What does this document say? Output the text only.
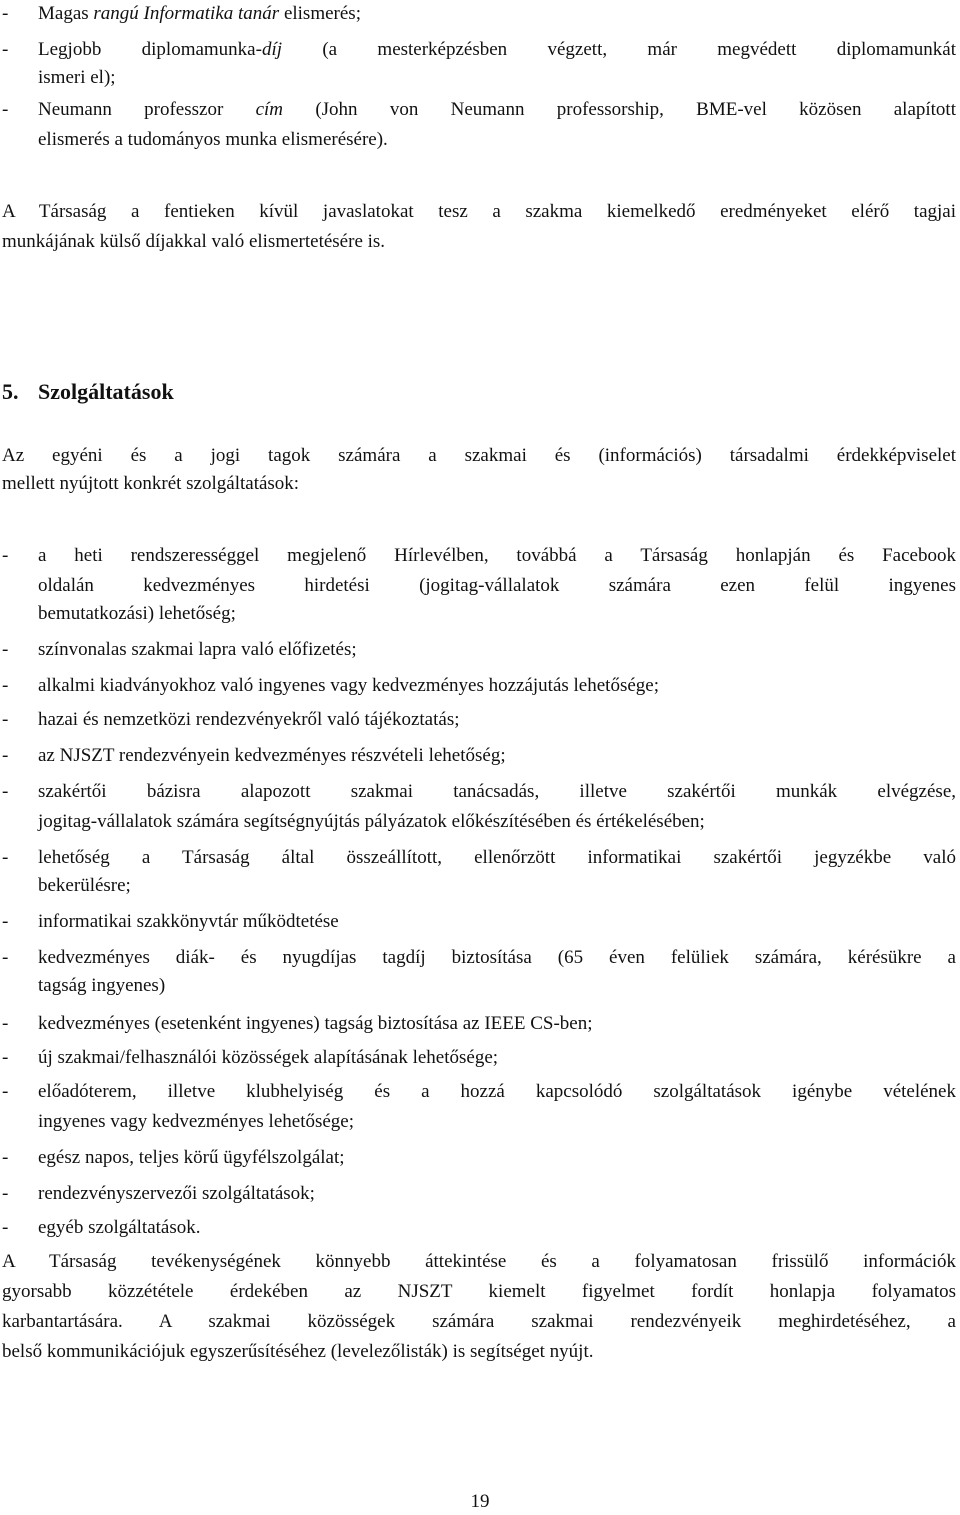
-	Magas rangú Informatika tanár elismerés;
-	Legjobb diplomamunka-díj (a mesterképzésben végzett, már megvédett diplomamunkát
ismeri el);
-	Neumann professzor cím (John von Neumann professorship, BME-vel közösen alapított
elismerés a tudományos munka elismerésére).
A Társaság a fentieken kívül javaslatokat tesz a szakma kiemelkedő eredményeket elérő tagjai
munkájának külső díjakkal való elismertetésére is.
5. Szolgáltatások
Az egyéni és a jogi tagok számára a szakmai és (információs) társadalmi érdekképviselet
mellett nyújtott konkrét szolgáltatások:
-	a heti rendszerességgel megjelenő Hírlevélben, továbbá a Társaság honlapján és Facebook
oldalán kedvezményes hirdetési (jogitag-vállalatok számára ezen felül ingyenes
bemutatkozási) lehetőség;
-	színvonalas szakmai lapra való előfizetés;
-	alkalmi kiadványokhoz való ingyenes vagy kedvezményes hozzájutás lehetősége;
-	hazai és nemzetközi rendezvényekről való tájékoztatás;
-	az NJSZT rendezvényein kedvezményes részvételi lehetőség;
-	szakértői bázisra alapozott szakmai tanácsadás, illetve szakértői munkák elvégzése,
jogitag-vállalatok számára segítségnyújtás pályázatok előkészítésében és értékelésében;
-	lehetőség a Társaság által összeállított, ellenőrzött informatikai szakértői jegyzékbe való
bekerülésre;
-	informatikai szakkönyvtár működtetése
-	kedvezményes diák- és nyugdíjas tagdíj biztosítása (65 éven felüliek számára, kérésükre a
tagság ingyenes)
-	kedvezményes (esetenként ingyenes) tagság biztosítása az IEEE CS-ben;
-	új szakmai/felhasználói közösségek alapításának lehetősége;
-	előadóterem, illetve klubhelyiség és a hozzá kapcsolódó szolgáltatások igénybe vételének
ingyenes vagy kedvezményes lehetősége;
-	egész napos, teljes körű ügyfélszolgálat;
-	rendezvényszervezői szolgáltatások;
-	egyéb szolgáltatások.
A Társaság tevékenységének könnyebb áttekintése és a folyamatosan frissülő információk
gyorsabb közzététele érdekében az NJSZT kiemelt figyelmet fordít honlapja folyamatos
karbantartására. A szakmai közösségek számára szakmai rendezvényeik meghirdetéséhez, a
belső kommunikációjuk egyszerűsítéséhez (levelezőlisták) is segítséget nyújt.
19
